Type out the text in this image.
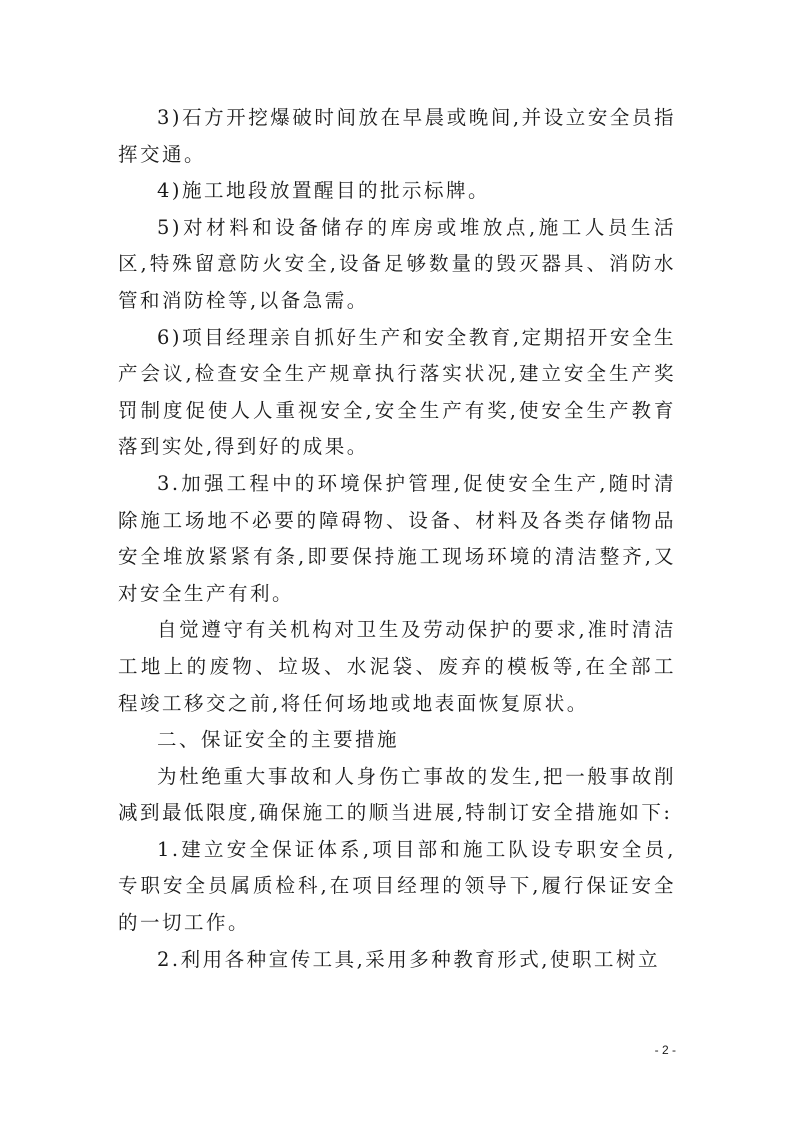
3)石方开挖爆破时间放在早晨或晚间,并设立安全员指挥交通。

4)施工地段放置醒目的批示标牌。

5)对材料和设备储存的库房或堆放点,施工人员生活区,特殊留意防火安全,设备足够数量的毁灭器具、消防水管和消防栓等,以备急需。

6)项目经理亲自抓好生产和安全教育,定期招开安全生产会议,检查安全生产规章执行落实状况,建立安全生产奖罚制度促使人人重视安全,安全生产有奖,使安全生产教育落到实处,得到好的成果。

3.加强工程中的环境保护管理,促使安全生产,随时清除施工场地不必要的障碍物、设备、材料及各类存储物品安全堆放紧紧有条,即要保持施工现场环境的清洁整齐,又对安全生产有利。

自觉遵守有关机构对卫生及劳动保护的要求,准时清洁工地上的废物、垃圾、水泥袋、废弃的模板等,在全部工程竣工移交之前,将任何场地或地表面恢复原状。

二、保证安全的主要措施

为杜绝重大事故和人身伤亡事故的发生,把一般事故削减到最低限度,确保施工的顺当进展,特制订安全措施如下:

1.建立安全保证体系,项目部和施工队设专职安全员,专职安全员属质检科,在项目经理的领导下,履行保证安全的一切工作。

2.利用各种宣传工具,采用多种教育形式,使职工树立

- 2 -
